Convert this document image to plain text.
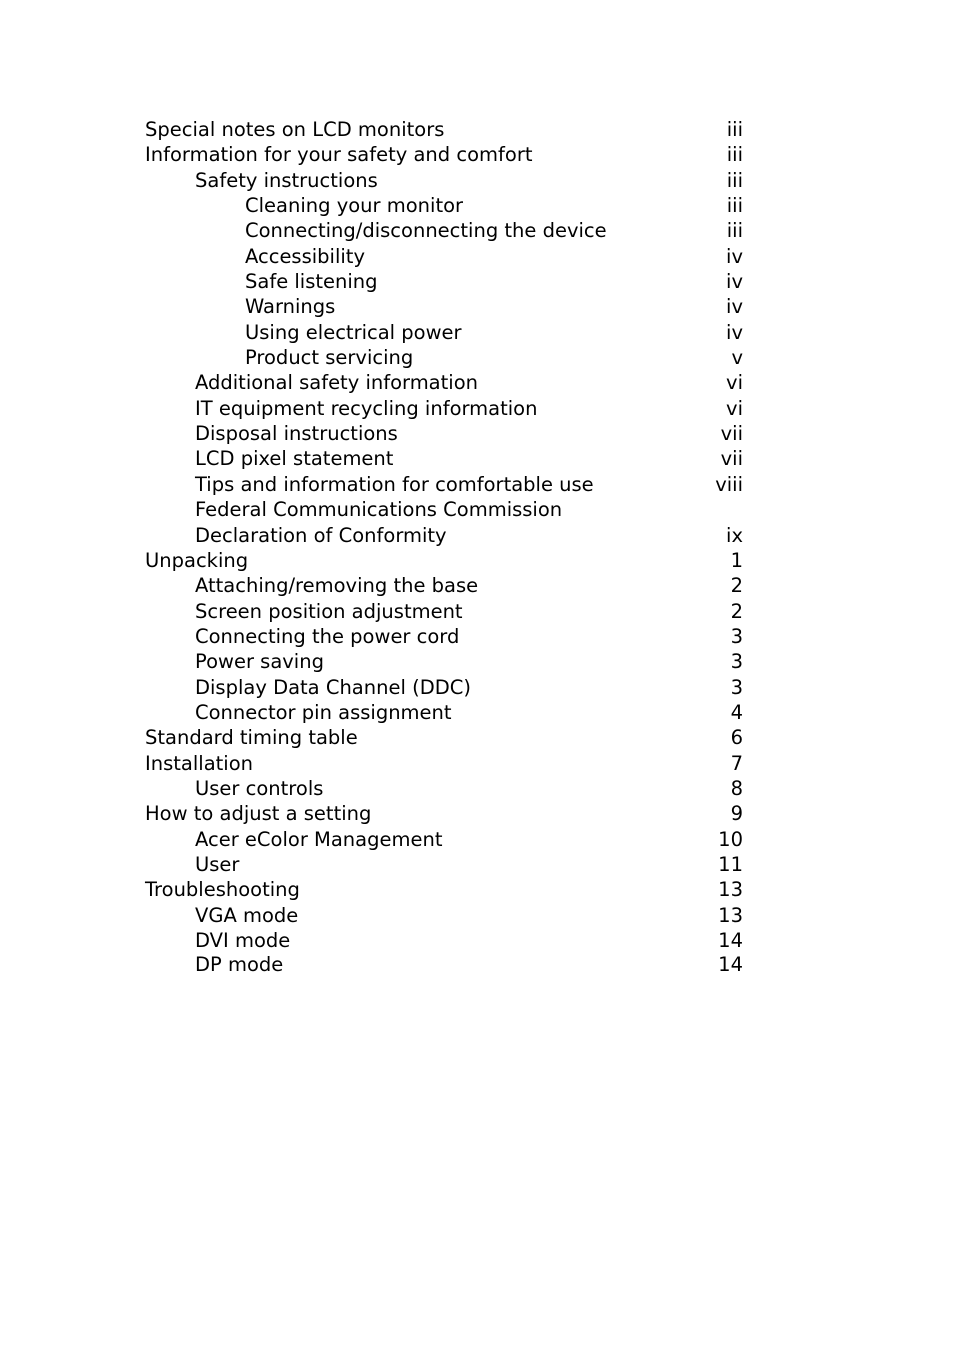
Special notes on LCD monitors	iii
Information for your safety and comfort	iii
Safety instructions	iii
Cleaning your monitor	iii
Connecting/disconnecting the device	iii
Accessibility	iv
Safe listening	iv
Warnings	iv
Using electrical power	iv
Product servicing	v
Additional safety information	vi
IT equipment recycling information	vi
Disposal instructions	vii
LCD pixel statement	vii
Tips and information for comfortable use	viii
Federal Communications Commission
Declaration of Conformity	ix
Unpacking	1
Attaching/removing the base	2
Screen position adjustment	2
Connecting the power cord	3
Power saving	3
Display Data Channel (DDC)	3
Connector pin assignment	4
Standard timing table	6
Installation	7
User controls	8
How to adjust a setting	9
Acer eColor Management	10
User	11
Troubleshooting	13
VGA mode	13
DVI mode	14
DP mode	14
